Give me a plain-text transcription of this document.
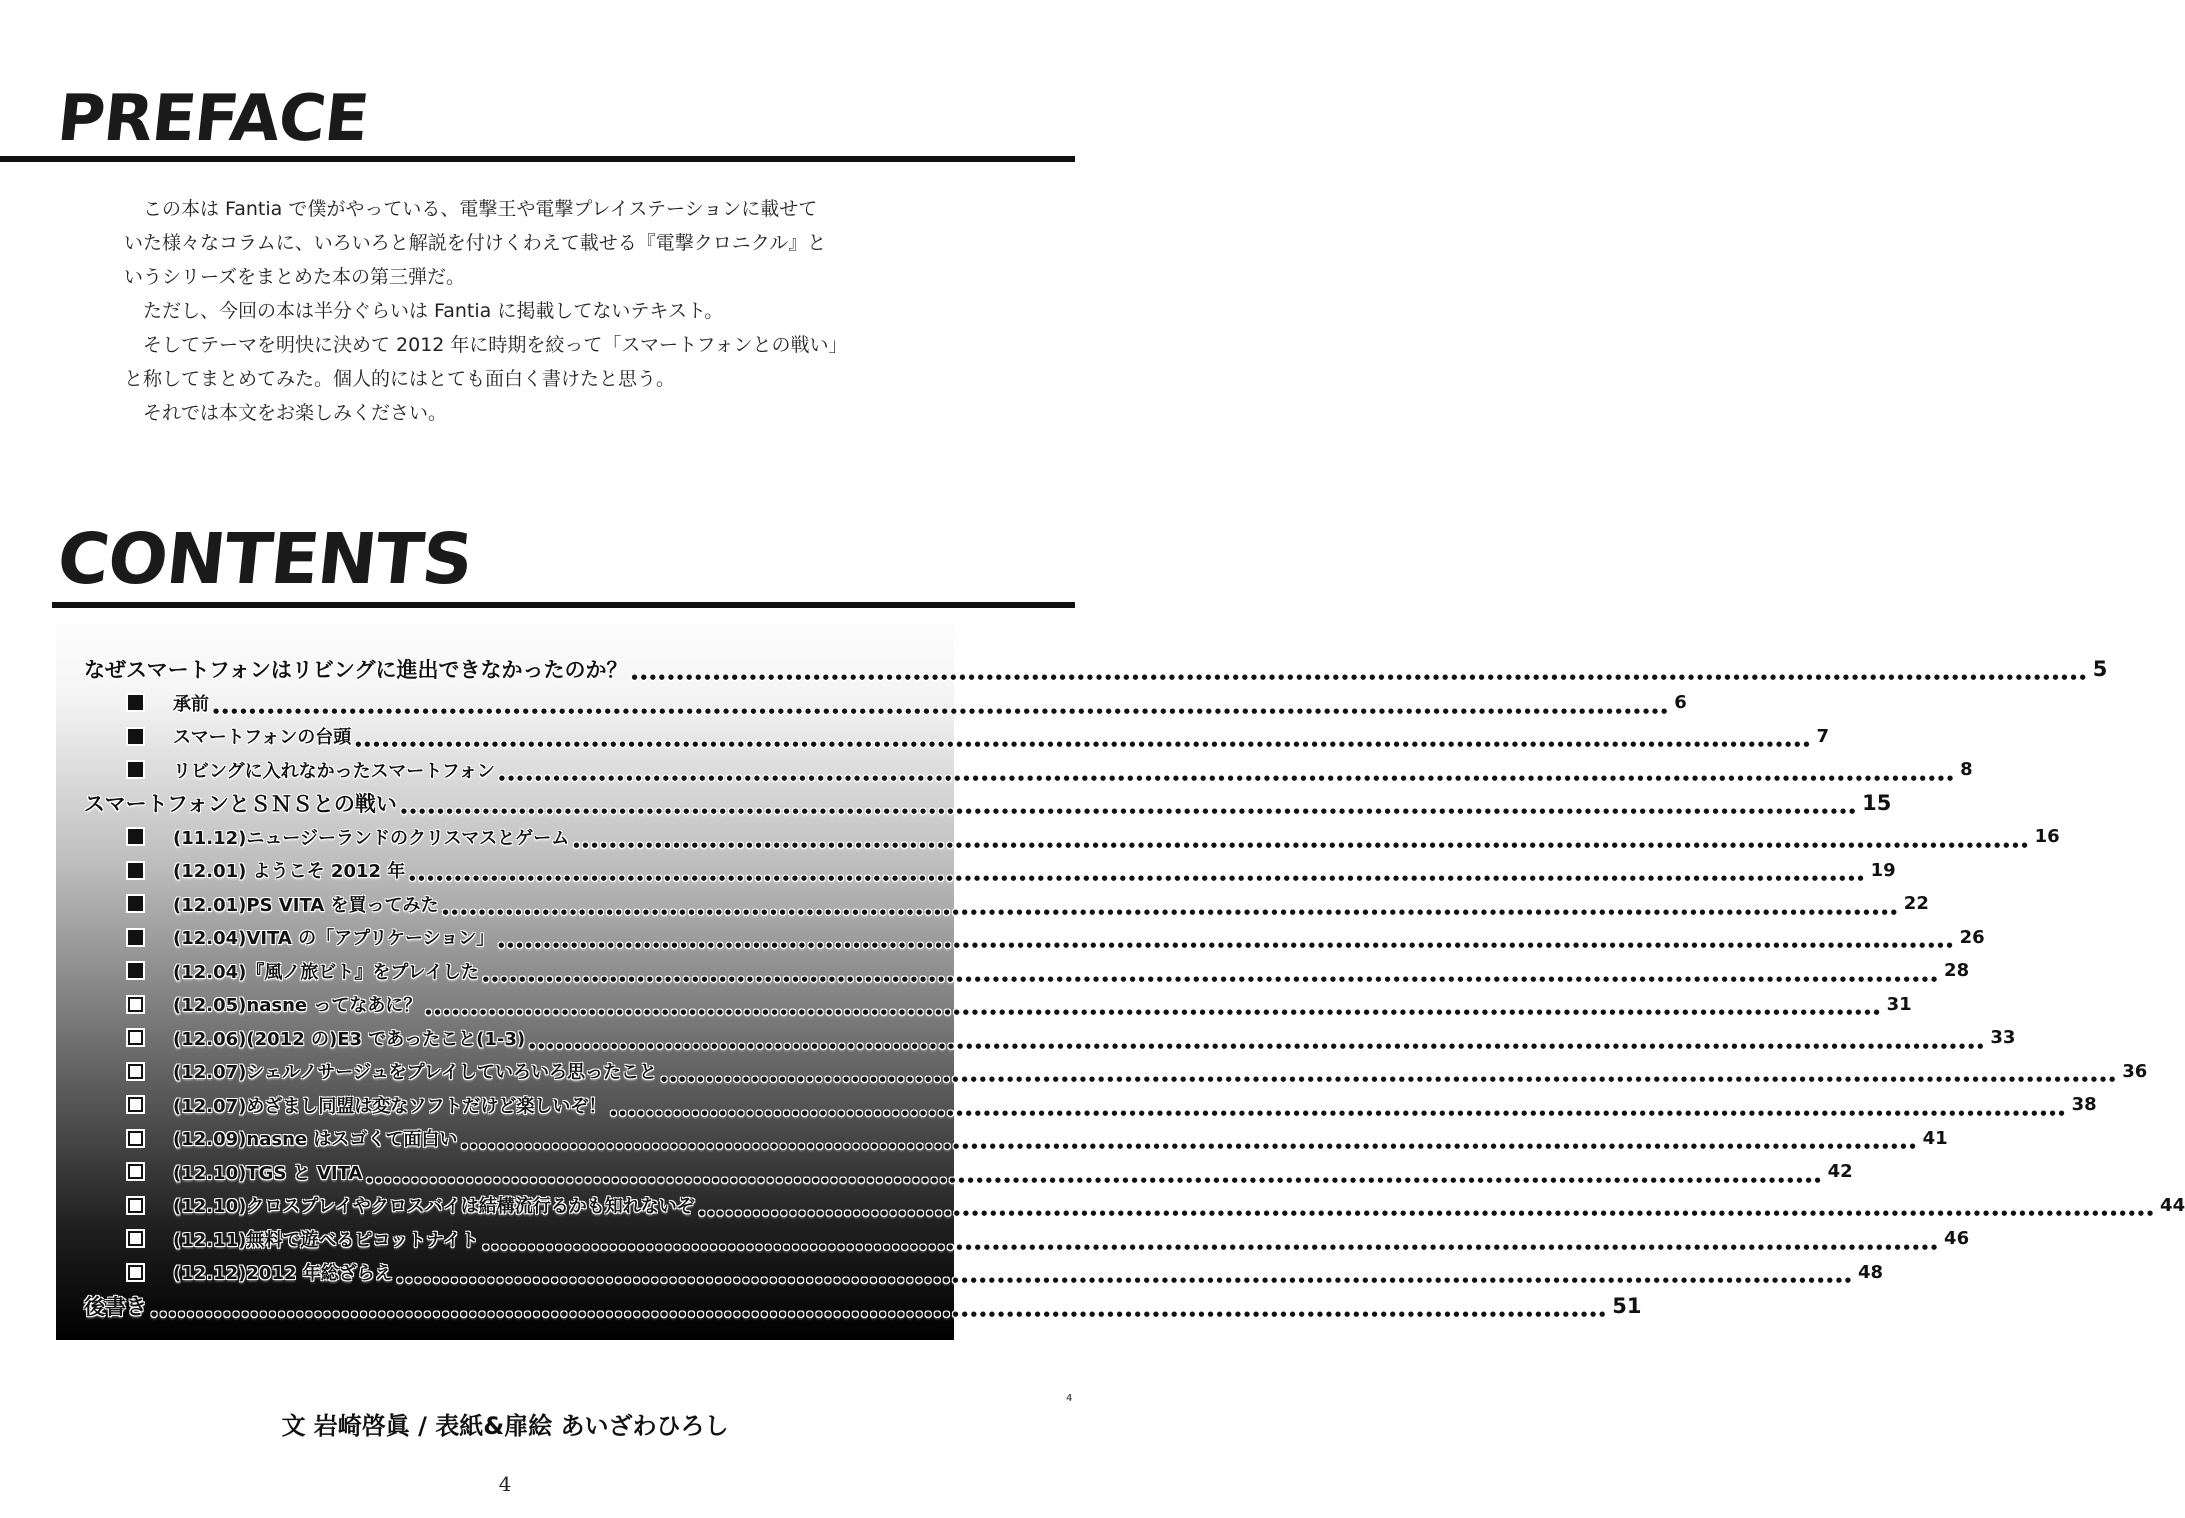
PREFACE

　この本は Fantia で僕がやっている、電撃王や電撃プレイステーションに載せて

いた様々なコラムに、いろいろと解説を付けくわえて載せる『電撃クロニクル』と

いうシリーズをまとめた本の第三弾だ。

　ただし、今回の本は半分ぐらいは Fantia に掲載してないテキスト。

　そしてテーマを明快に決めて 2012 年に時期を絞って「スマートフォンとの戦い」

と称してまとめてみた。個人的にはとても面白く書けたと思う。

　それでは本文をお楽しみください。

CONTENTS
なぜスマートフォンはリビングに進出できなかったのか？ ●●●●●●●●●●●●●●●●●●●●●●●●●●●●●●●●●●●●●●●●●●●●●●●●●●●●●●●●●●●●●●●●●●●●●●●●●●●●●●●●●●●●●●●●●●●●●●●●●●●●●●●●●●●●●●●●●●●●●●●●●●●●●●●●●●●●●●●●●●●●●●●●●●●●●●●●●●●●●●●● 5
承前 ●●●●●●●●●●●●●●●●●●●●●●●●●●●●●●●●●●●●●●●●●●●●●●●●●●●●●●●●●●●●●●●●●●●●●●●●●●●●●●●●●●●●●●●●●●●●●●●●●●●●●●●●●●●●●●●●●●●●●●●●●●●●●●●●●●●●●●●●●●●●●●●●●●●●●●●●●●●●●●●● 6
スマートフォンの台頭 ●●●●●●●●●●●●●●●●●●●●●●●●●●●●●●●●●●●●●●●●●●●●●●●●●●●●●●●●●●●●●●●●●●●●●●●●●●●●●●●●●●●●●●●●●●●●●●●●●●●●●●●●●●●●●●●●●●●●●●●●●●●●●●●●●●●●●●●●●●●●●●●●●●●●●●●●●●●●●●●● 7
リビングに入れなかったスマートフォン ●●●●●●●●●●●●●●●●●●●●●●●●●●●●●●●●●●●●●●●●●●●●●●●●●●●●●●●●●●●●●●●●●●●●●●●●●●●●●●●●●●●●●●●●●●●●●●●●●●●●●●●●●●●●●●●●●●●●●●●●●●●●●●●●●●●●●●●●●●●●●●●●●●●●●●●●●●●●●●●● 8
スマートフォンとＳＮＳとの戦い ●●●●●●●●●●●●●●●●●●●●●●●●●●●●●●●●●●●●●●●●●●●●●●●●●●●●●●●●●●●●●●●●●●●●●●●●●●●●●●●●●●●●●●●●●●●●●●●●●●●●●●●●●●●●●●●●●●●●●●●●●●●●●●●●●●●●●●●●●●●●●●●●●●●●●●●●●●●●●●●● 15
(11.12)ニュージーランドのクリスマスとゲーム ●●●●●●●●●●●●●●●●●●●●●●●●●●●●●●●●●●●●●●●●●●●●●●●●●●●●●●●●●●●●●●●●●●●●●●●●●●●●●●●●●●●●●●●●●●●●●●●●●●●●●●●●●●●●●●●●●●●●●●●●●●●●●●●●●●●●●●●●●●●●●●●●●●●●●●●●●●●●●●●● 16
(12.01) ようこそ 2012 年 ●●●●●●●●●●●●●●●●●●●●●●●●●●●●●●●●●●●●●●●●●●●●●●●●●●●●●●●●●●●●●●●●●●●●●●●●●●●●●●●●●●●●●●●●●●●●●●●●●●●●●●●●●●●●●●●●●●●●●●●●●●●●●●●●●●●●●●●●●●●●●●●●●●●●●●●●●●●●●●●● 19
(12.01)PS VITA を買ってみた ●●●●●●●●●●●●●●●●●●●●●●●●●●●●●●●●●●●●●●●●●●●●●●●●●●●●●●●●●●●●●●●●●●●●●●●●●●●●●●●●●●●●●●●●●●●●●●●●●●●●●●●●●●●●●●●●●●●●●●●●●●●●●●●●●●●●●●●●●●●●●●●●●●●●●●●●●●●●●●●● 22
(12.04)VITA の「アプリケーション」 ●●●●●●●●●●●●●●●●●●●●●●●●●●●●●●●●●●●●●●●●●●●●●●●●●●●●●●●●●●●●●●●●●●●●●●●●●●●●●●●●●●●●●●●●●●●●●●●●●●●●●●●●●●●●●●●●●●●●●●●●●●●●●●●●●●●●●●●●●●●●●●●●●●●●●●●●●●●●●●●● 26
(12.04)『風ノ旅ビト』をプレイした ●●●●●●●●●●●●●●●●●●●●●●●●●●●●●●●●●●●●●●●●●●●●●●●●●●●●●●●●●●●●●●●●●●●●●●●●●●●●●●●●●●●●●●●●●●●●●●●●●●●●●●●●●●●●●●●●●●●●●●●●●●●●●●●●●●●●●●●●●●●●●●●●●●●●●●●●●●●●●●●● 28
(12.05)nasne ってなあに？ ●●●●●●●●●●●●●●●●●●●●●●●●●●●●●●●●●●●●●●●●●●●●●●●●●●●●●●●●●●●●●●●●●●●●●●●●●●●●●●●●●●●●●●●●●●●●●●●●●●●●●●●●●●●●●●●●●●●●●●●●●●●●●●●●●●●●●●●●●●●●●●●●●●●●●●●●●●●●●●●● 31
(12.06)(2012 の)E3 であったこと(1-3) ●●●●●●●●●●●●●●●●●●●●●●●●●●●●●●●●●●●●●●●●●●●●●●●●●●●●●●●●●●●●●●●●●●●●●●●●●●●●●●●●●●●●●●●●●●●●●●●●●●●●●●●●●●●●●●●●●●●●●●●●●●●●●●●●●●●●●●●●●●●●●●●●●●●●●●●●●●●●●●●● 33
(12.07)シェルノサージュをプレイしていろいろ思ったこと ●●●●●●●●●●●●●●●●●●●●●●●●●●●●●●●●●●●●●●●●●●●●●●●●●●●●●●●●●●●●●●●●●●●●●●●●●●●●●●●●●●●●●●●●●●●●●●●●●●●●●●●●●●●●●●●●●●●●●●●●●●●●●●●●●●●●●●●●●●●●●●●●●●●●●●●●●●●●●●●● 36
(12.07)めざまし同盟は変なソフトだけど楽しいぞ！ ●●●●●●●●●●●●●●●●●●●●●●●●●●●●●●●●●●●●●●●●●●●●●●●●●●●●●●●●●●●●●●●●●●●●●●●●●●●●●●●●●●●●●●●●●●●●●●●●●●●●●●●●●●●●●●●●●●●●●●●●●●●●●●●●●●●●●●●●●●●●●●●●●●●●●●●●●●●●●●●● 38
(12.09)nasne はスゴくて面白い ●●●●●●●●●●●●●●●●●●●●●●●●●●●●●●●●●●●●●●●●●●●●●●●●●●●●●●●●●●●●●●●●●●●●●●●●●●●●●●●●●●●●●●●●●●●●●●●●●●●●●●●●●●●●●●●●●●●●●●●●●●●●●●●●●●●●●●●●●●●●●●●●●●●●●●●●●●●●●●●● 41
(12.10)TGS と VITA ●●●●●●●●●●●●●●●●●●●●●●●●●●●●●●●●●●●●●●●●●●●●●●●●●●●●●●●●●●●●●●●●●●●●●●●●●●●●●●●●●●●●●●●●●●●●●●●●●●●●●●●●●●●●●●●●●●●●●●●●●●●●●●●●●●●●●●●●●●●●●●●●●●●●●●●●●●●●●●●● 42
(12.10)クロスプレイやクロスバイは結構流行るかも知れないぞ ●●●●●●●●●●●●●●●●●●●●●●●●●●●●●●●●●●●●●●●●●●●●●●●●●●●●●●●●●●●●●●●●●●●●●●●●●●●●●●●●●●●●●●●●●●●●●●●●●●●●●●●●●●●●●●●●●●●●●●●●●●●●●●●●●●●●●●●●●●●●●●●●●●●●●●●●●●●●●●●● 44
(12.11)無料で遊べるピコットナイト ●●●●●●●●●●●●●●●●●●●●●●●●●●●●●●●●●●●●●●●●●●●●●●●●●●●●●●●●●●●●●●●●●●●●●●●●●●●●●●●●●●●●●●●●●●●●●●●●●●●●●●●●●●●●●●●●●●●●●●●●●●●●●●●●●●●●●●●●●●●●●●●●●●●●●●●●●●●●●●●● 46
(12.12)2012 年総ざらえ ●●●●●●●●●●●●●●●●●●●●●●●●●●●●●●●●●●●●●●●●●●●●●●●●●●●●●●●●●●●●●●●●●●●●●●●●●●●●●●●●●●●●●●●●●●●●●●●●●●●●●●●●●●●●●●●●●●●●●●●●●●●●●●●●●●●●●●●●●●●●●●●●●●●●●●●●●●●●●●●● 48
後書き ●●●●●●●●●●●●●●●●●●●●●●●●●●●●●●●●●●●●●●●●●●●●●●●●●●●●●●●●●●●●●●●●●●●●●●●●●●●●●●●●●●●●●●●●●●●●●●●●●●●●●●●●●●●●●●●●●●●●●●●●●●●●●●●●●●●●●●●●●●●●●●●●●●●●●●●●●●●●●●●● 51
文 岩崎啓眞 / 表紙&扉絵 あいざわひろし
4
4
